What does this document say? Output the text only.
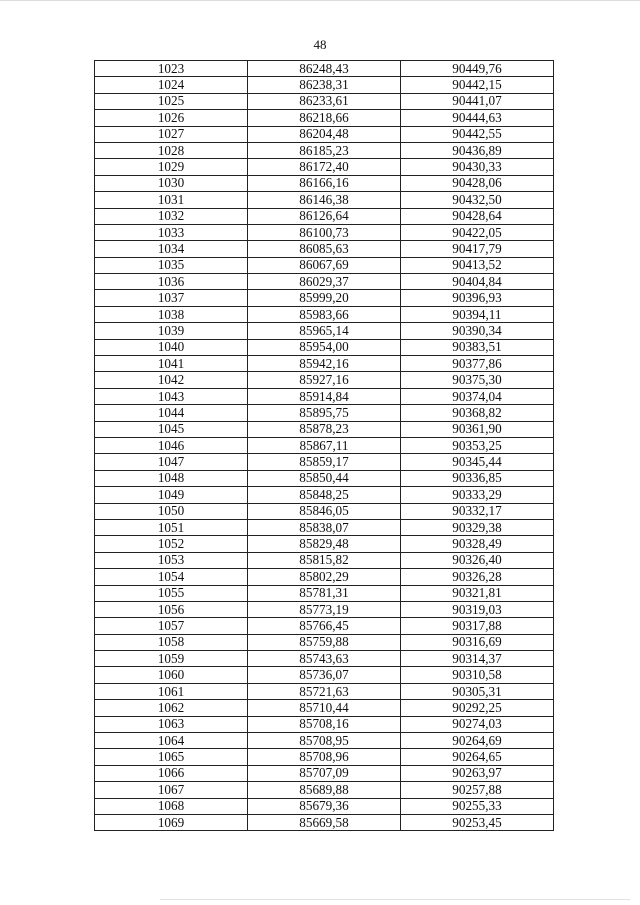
48
1023	86248,43	90449,76
1024	86238,31	90442,15
1025	86233,61	90441,07
1026	86218,66	90444,63
1027	86204,48	90442,55
1028	86185,23	90436,89
1029	86172,40	90430,33
1030	86166,16	90428,06
1031	86146,38	90432,50
1032	86126,64	90428,64
1033	86100,73	90422,05
1034	86085,63	90417,79
1035	86067,69	90413,52
1036	86029,37	90404,84
1037	85999,20	90396,93
1038	85983,66	90394,11
1039	85965,14	90390,34
1040	85954,00	90383,51
1041	85942,16	90377,86
1042	85927,16	90375,30
1043	85914,84	90374,04
1044	85895,75	90368,82
1045	85878,23	90361,90
1046	85867,11	90353,25
1047	85859,17	90345,44
1048	85850,44	90336,85
1049	85848,25	90333,29
1050	85846,05	90332,17
1051	85838,07	90329,38
1052	85829,48	90328,49
1053	85815,82	90326,40
1054	85802,29	90326,28
1055	85781,31	90321,81
1056	85773,19	90319,03
1057	85766,45	90317,88
1058	85759,88	90316,69
1059	85743,63	90314,37
1060	85736,07	90310,58
1061	85721,63	90305,31
1062	85710,44	90292,25
1063	85708,16	90274,03
1064	85708,95	90264,69
1065	85708,96	90264,65
1066	85707,09	90263,97
1067	85689,88	90257,88
1068	85679,36	90255,33
1069	85669,58	90253,45
